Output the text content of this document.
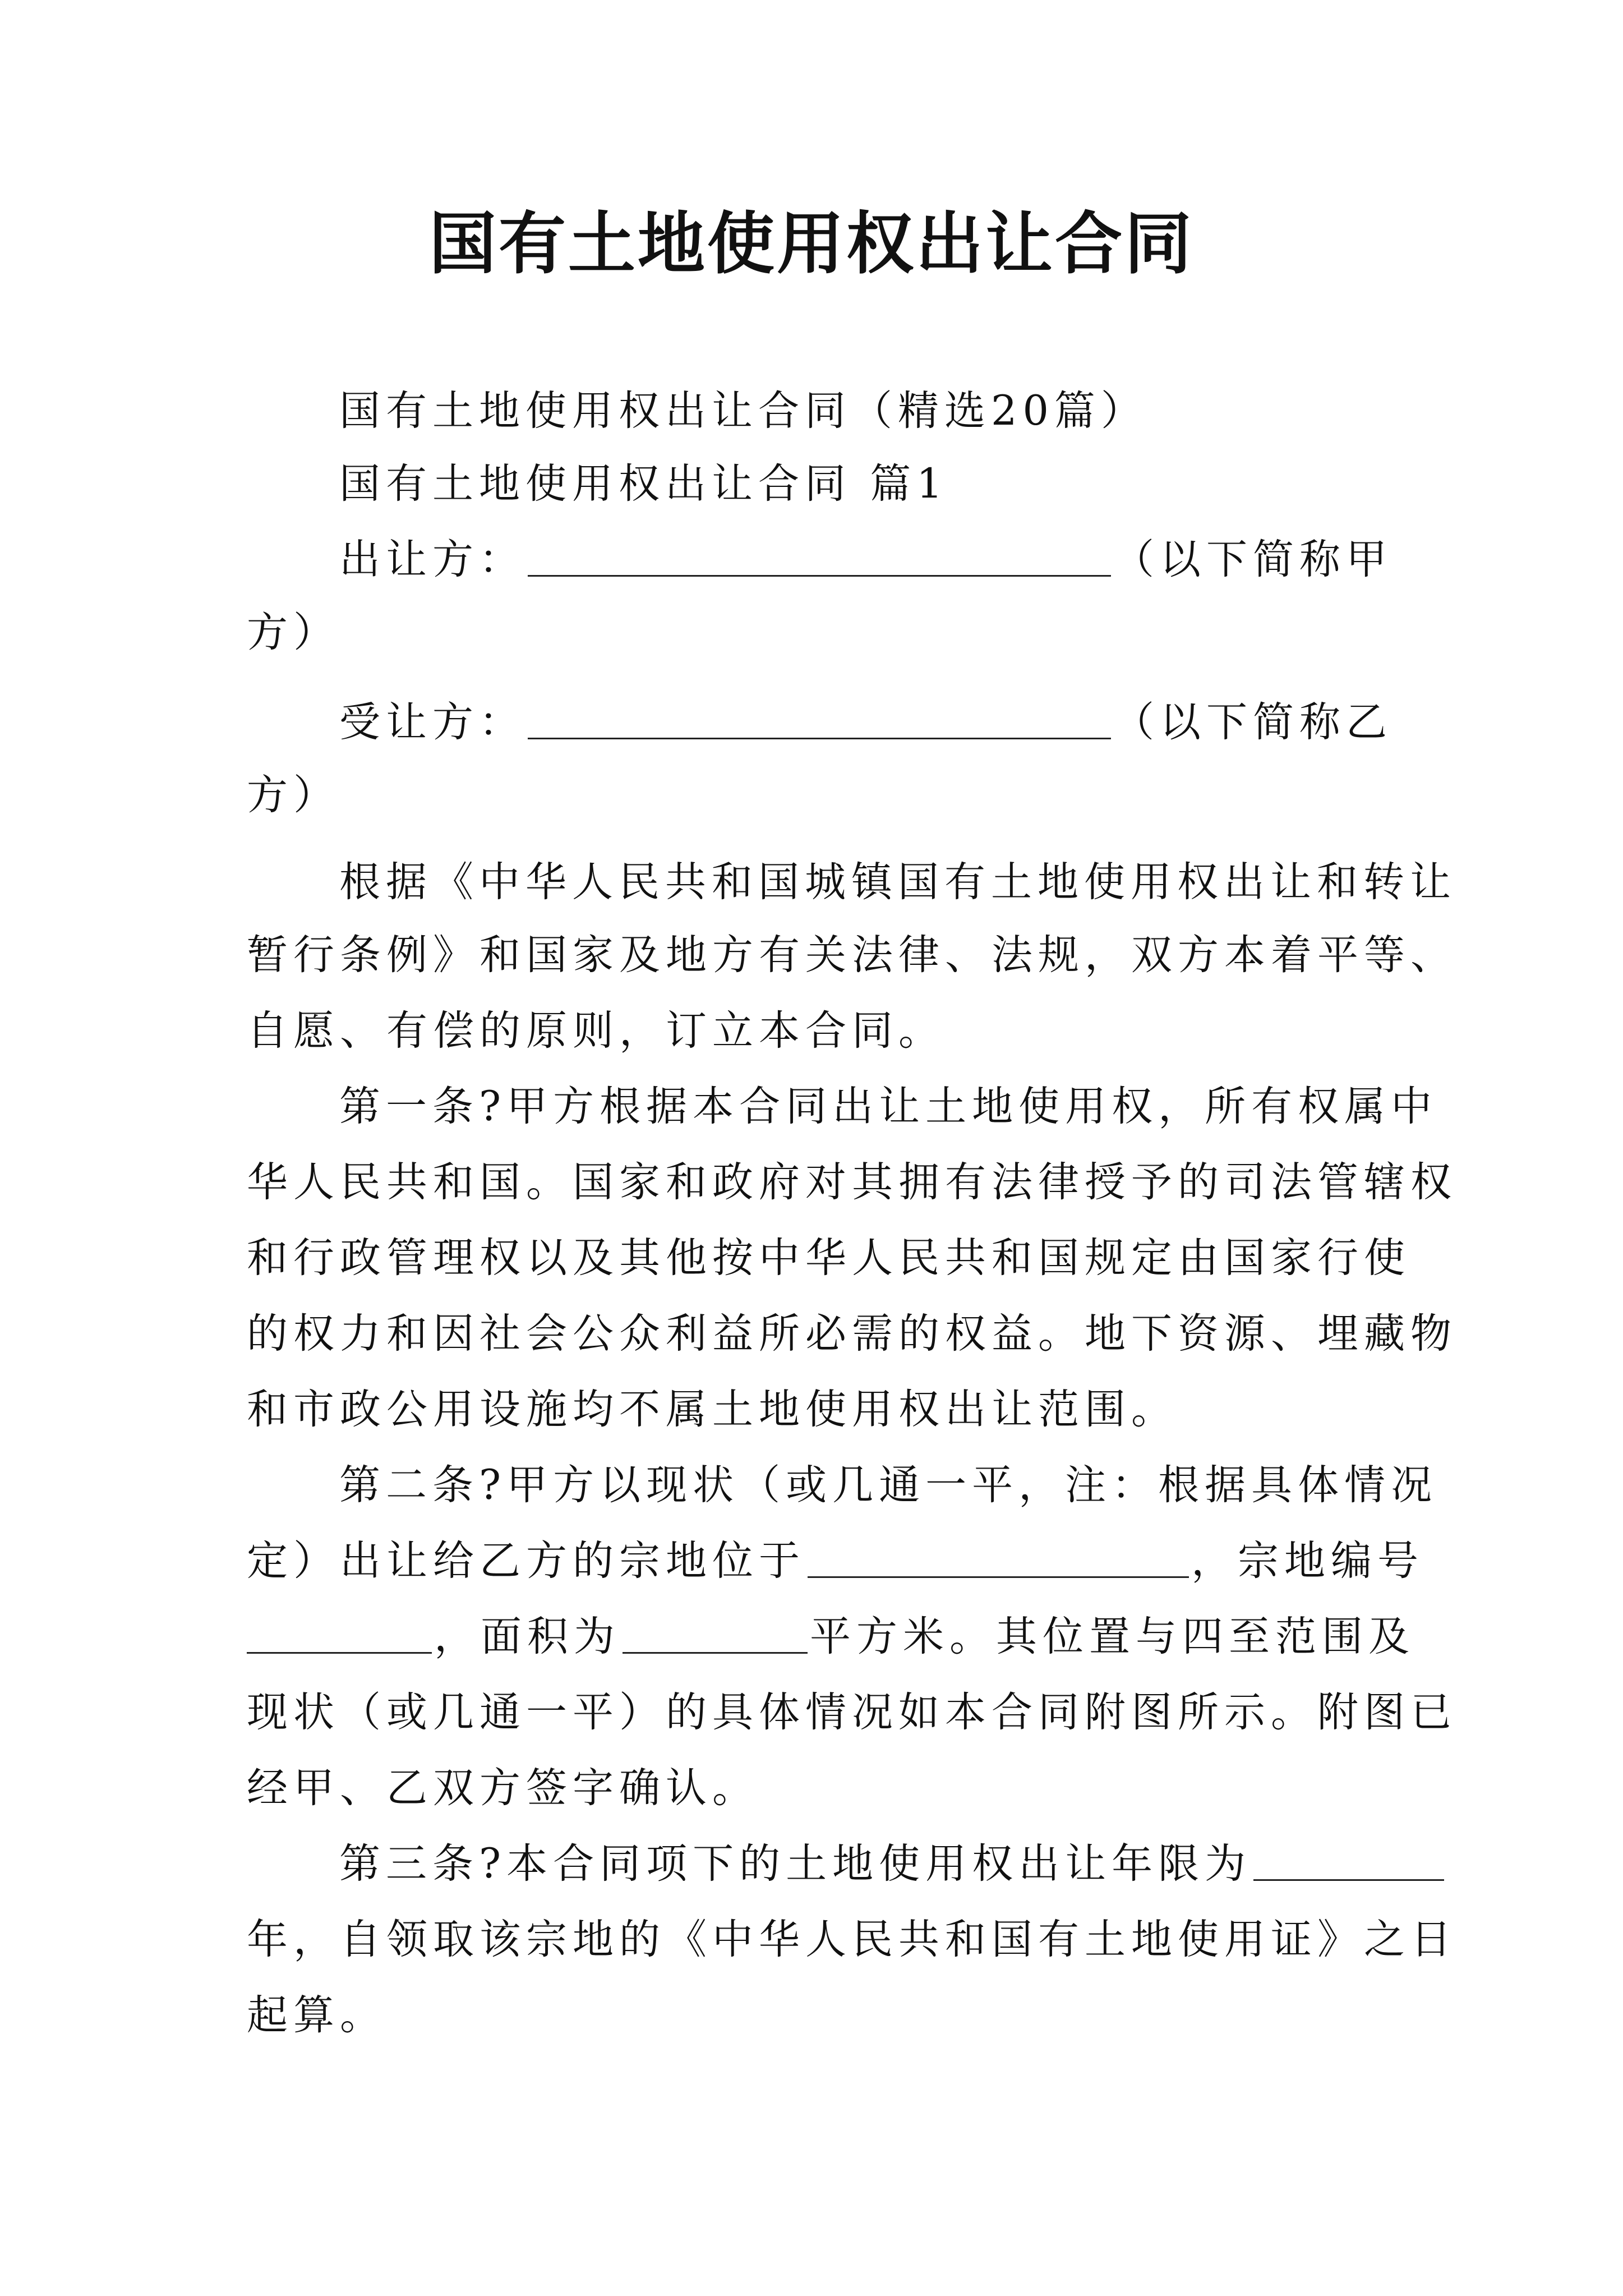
国有土地使用权出让合同
国有土地使用权出让合同（精选20篇）
国有土地使用权出让合同 篇1
出让方：	（以下简称甲
方）
受让方：	（以下简称乙
方）
根据《中华人民共和国城镇国有土地使用权出让和转让
暂行条例》和国家及地方有关法律、法规，双方本着平等、
自愿、有偿的原则，订立本合同。
第一条?甲方根据本合同出让土地使用权，所有权属中
华人民共和国。国家和政府对其拥有法律授予的司法管辖权
和行政管理权以及其他按中华人民共和国规定由国家行使
的权力和因社会公众利益所必需的权益。地下资源、埋藏物
和市政公用设施均不属土地使用权出让范围。
第二条?甲方以现状（或几通一平，注：根据具体情况
定）出让给乙方的宗地位于	，宗地编号
，面积为	平方米。其位置与四至范围及
现状（或几通一平）的具体情况如本合同附图所示。附图已
经甲、乙双方签字确认。
第三条?本合同项下的土地使用权出让年限为
年，自领取该宗地的《中华人民共和国有土地使用证》之日
起算。
